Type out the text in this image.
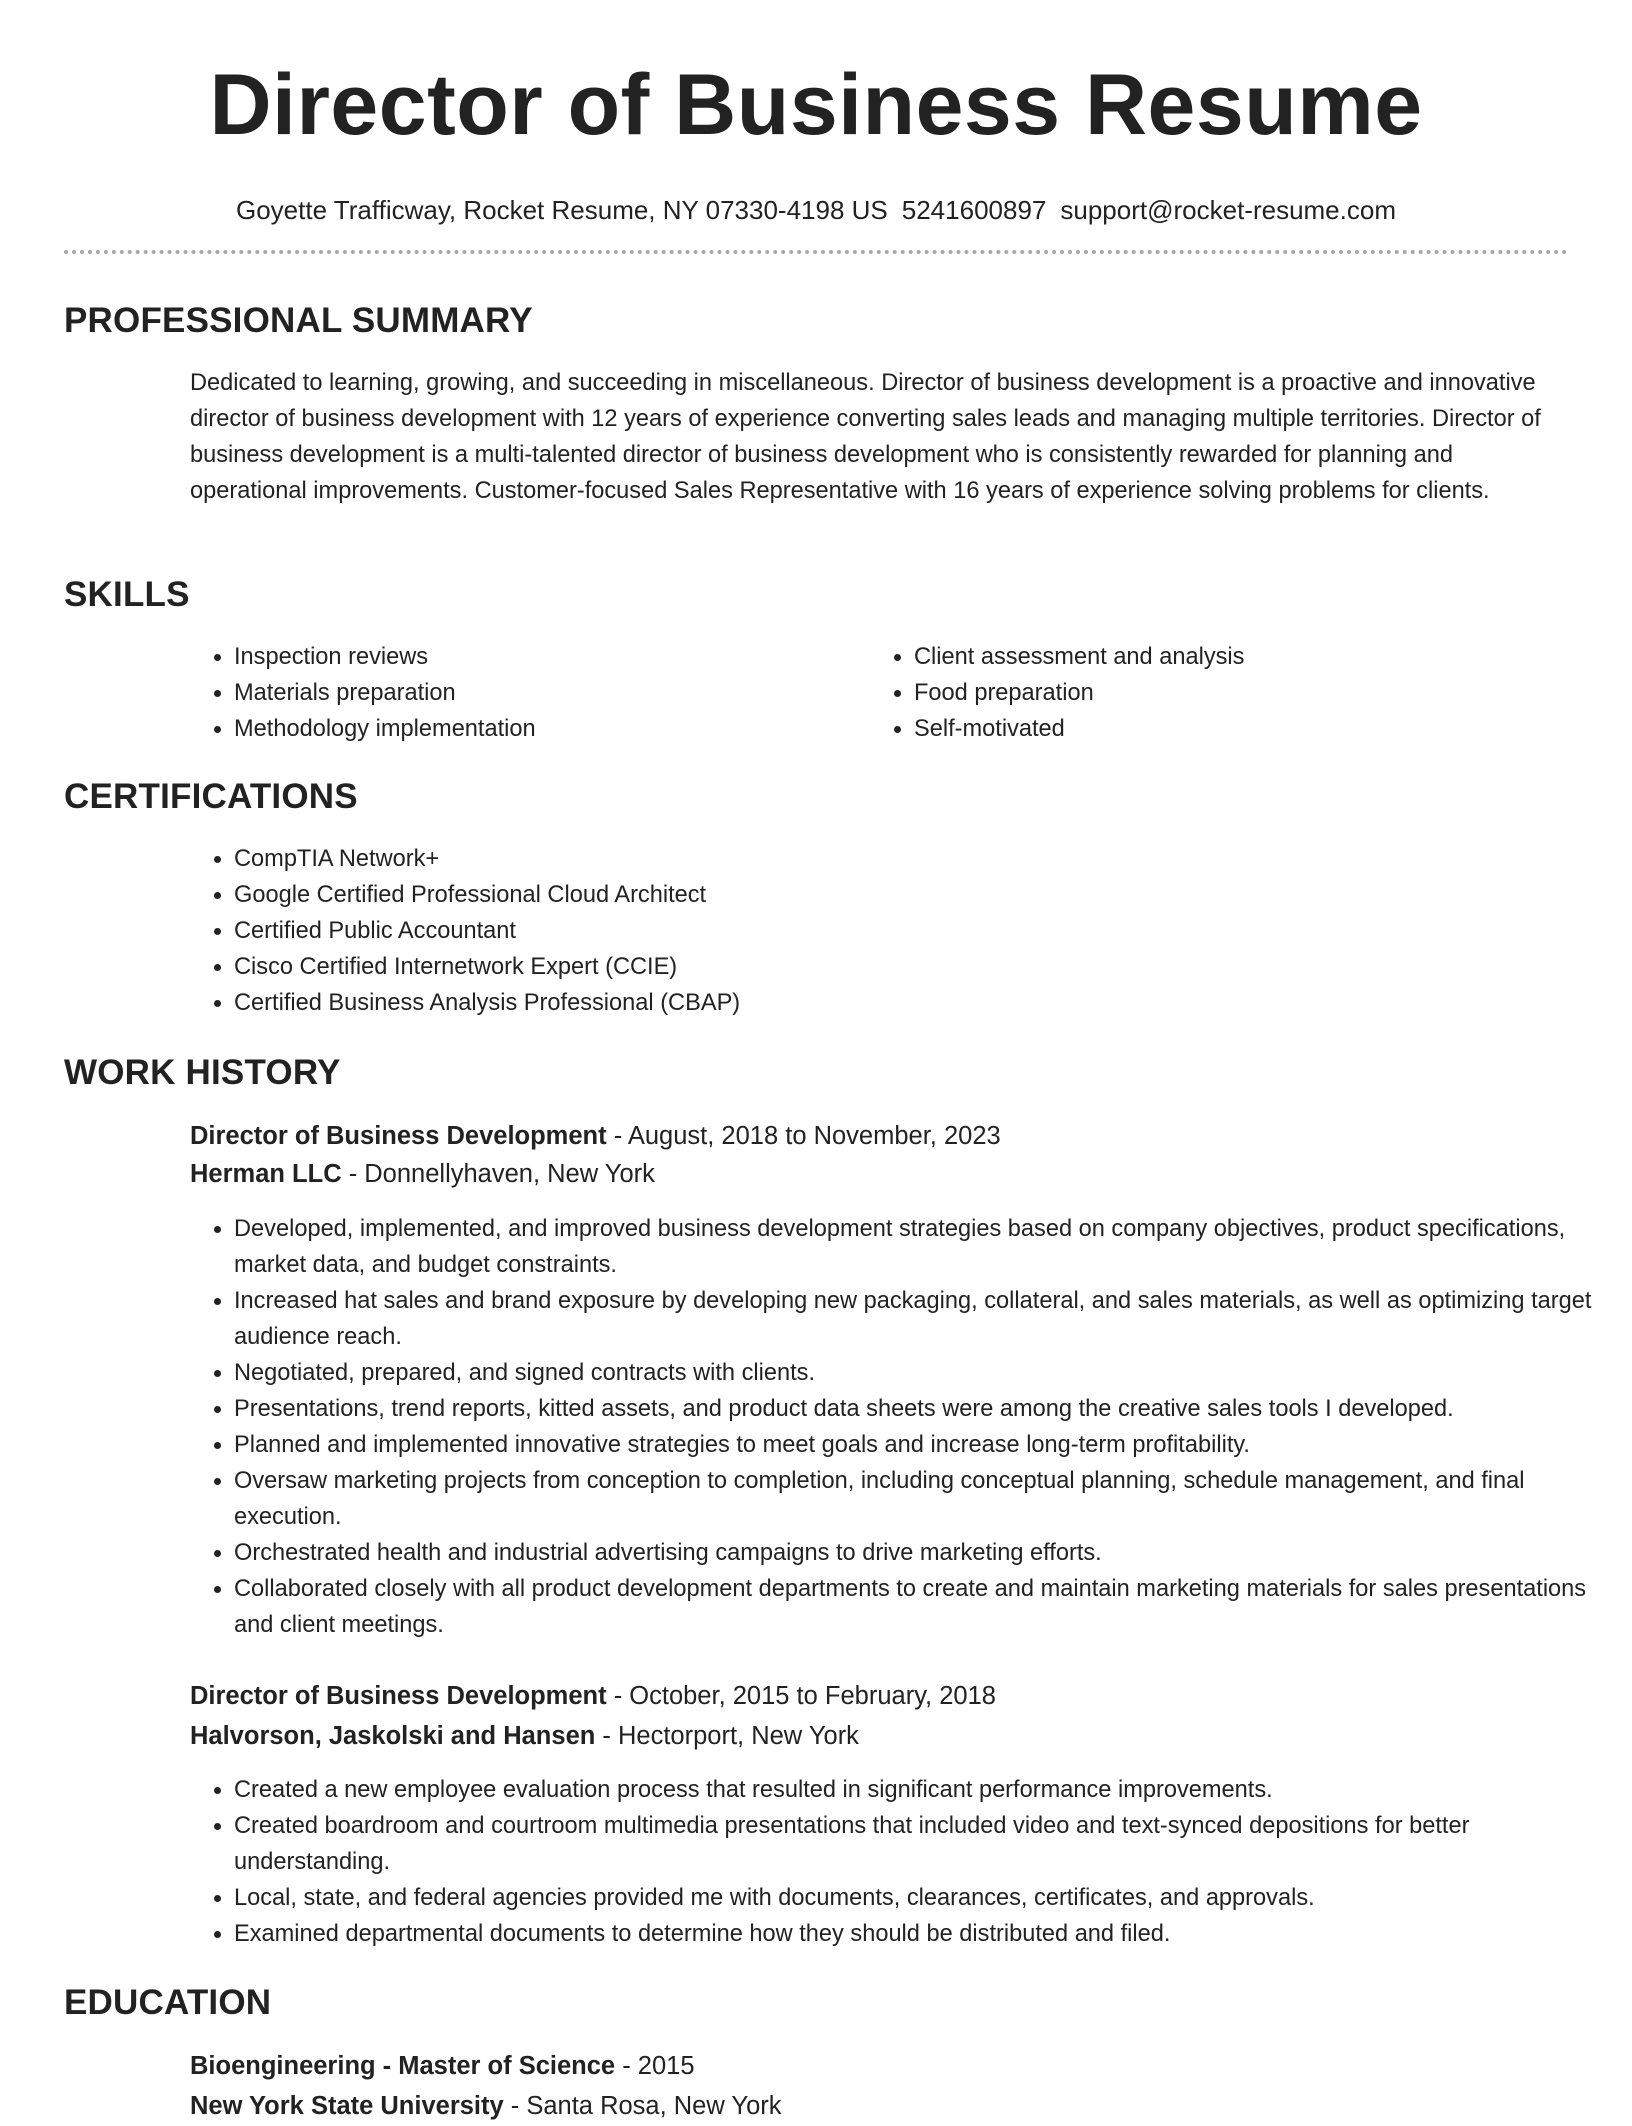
Director of Business Resume
Goyette Trafficway, Rocket Resume, NY 07330-4198 US 5241600897 support@rocket-resume.com
PROFESSIONAL SUMMARY

Dedicated to learning, growing, and succeeding in miscellaneous. Director of business development is a proactive and innovative director of business development with 12 years of experience converting sales leads and managing multiple territories. Director of business development is a multi-talented director of business development who is consistently rewarded for planning and operational improvements. Customer-focused Sales Representative with 16 years of experience solving problems for clients.

SKILLS
• Inspection reviews
• Materials preparation
• Methodology implementation
• Client assessment and analysis
• Food preparation
• Self-motivated
CERTIFICATIONS
• CompTIA Network+
• Google Certified Professional Cloud Architect
• Certified Public Accountant
• Cisco Certified Internetwork Expert (CCIE)
• Certified Business Analysis Professional (CBAP)
WORK HISTORY
Director of Business Development - August, 2018 to November, 2023
Herman LLC - Donnellyhaven, New York
• Developed, implemented, and improved business development strategies based on company objectives, product specifications, market data, and budget constraints.
• Increased hat sales and brand exposure by developing new packaging, collateral, and sales materials, as well as optimizing target audience reach.
• Negotiated, prepared, and signed contracts with clients.
• Presentations, trend reports, kitted assets, and product data sheets were among the creative sales tools I developed.
• Planned and implemented innovative strategies to meet goals and increase long-term profitability.
• Oversaw marketing projects from conception to completion, including conceptual planning, schedule management, and final execution.
• Orchestrated health and industrial advertising campaigns to drive marketing efforts.
• Collaborated closely with all product development departments to create and maintain marketing materials for sales presentations and client meetings.
Director of Business Development - October, 2015 to February, 2018
Halvorson, Jaskolski and Hansen - Hectorport, New York
• Created a new employee evaluation process that resulted in significant performance improvements.
• Created boardroom and courtroom multimedia presentations that included video and text-synced depositions for better understanding.
• Local, state, and federal agencies provided me with documents, clearances, certificates, and approvals.
• Examined departmental documents to determine how they should be distributed and filed.
EDUCATION
Bioengineering - Master of Science - 2015
New York State University - Santa Rosa, New York
